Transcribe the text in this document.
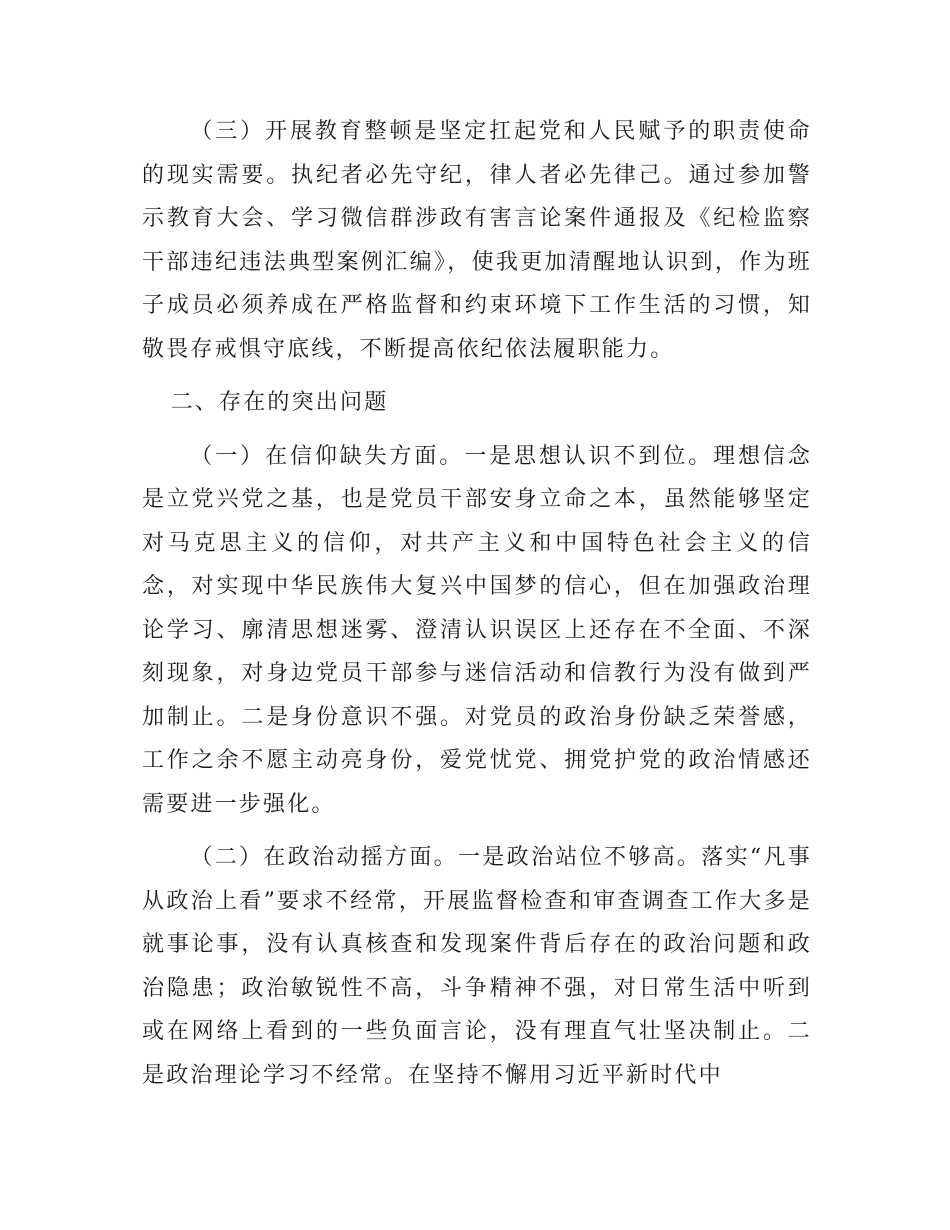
（三）开展教育整顿是坚定扛起党和人民赋予的职责使命的现实需要。执纪者必先守纪，律人者必先律己。通过参加警示教育大会、学习微信群涉政有害言论案件通报及《纪检监察干部违纪违法典型案例汇编》，使我更加清醒地认识到，作为班子成员必须养成在严格监督和约束环境下工作生活的习惯，知敬畏存戒惧守底线，不断提高依纪依法履职能力。

二、存在的突出问题

（一）在信仰缺失方面。一是思想认识不到位。理想信念是立党兴党之基，也是党员干部安身立命之本，虽然能够坚定对马克思主义的信仰，对共产主义和中国特色社会主义的信念，对实现中华民族伟大复兴中国梦的信心，但在加强政治理论学习、廓清思想迷雾、澄清认识误区上还存在不全面、不深刻现象，对身边党员干部参与迷信活动和信教行为没有做到严加制止。二是身份意识不强。对党员的政治身份缺乏荣誉感，工作之余不愿主动亮身份，爱党忧党、拥党护党的政治情感还需要进一步强化。

（二）在政治动摇方面。一是政治站位不够高。落实“凡事从政治上看”要求不经常，开展监督检查和审查调查工作大多是就事论事，没有认真核查和发现案件背后存在的政治问题和政治隐患；政治敏锐性不高，斗争精神不强，对日常生活中听到或在网络上看到的一些负面言论，没有理直气壮坚决制止。二是政治理论学习不经常。在坚持不懈用习近平新时代中
